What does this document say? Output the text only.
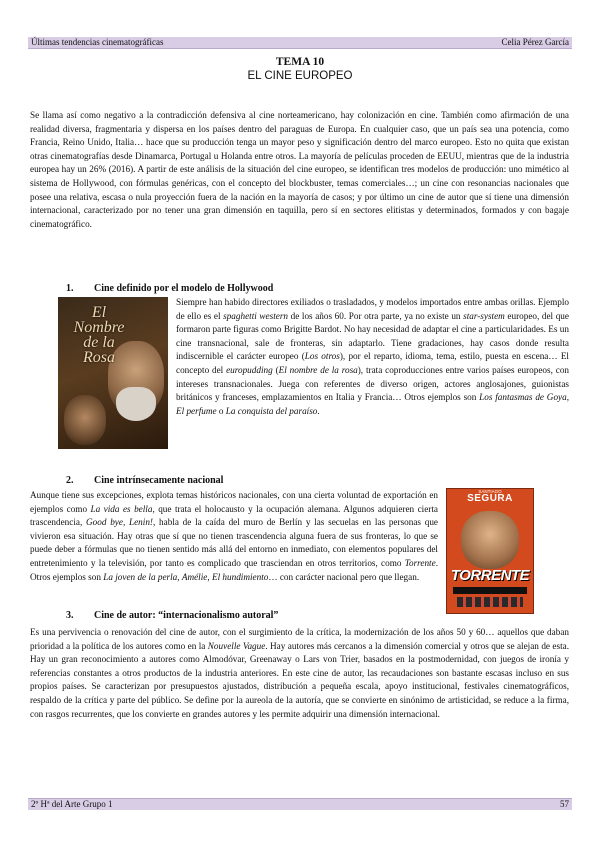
Últimas tendencias cinematográficas	Celia Pérez García
TEMA 10
EL CINE EUROPEO

Se llama así como negativo a la contradicción defensiva al cine norteamericano, hay colonización en cine. También como afirmación de una realidad diversa, fragmentaria y dispersa en los países dentro del paraguas de Europa. En cualquier caso, que un país sea una potencia, como Francia, Reino Unido, Italia… hace que su producción tenga un mayor peso y significación dentro del marco europeo. Esto no quita que existan otras cinematografías desde Dinamarca, Portugal u Holanda entre otros. La mayoría de películas proceden de EEUU, mientras que de la industria europea hay un 26% (2016). A partir de este análisis de la situación del cine europeo, se identifican tres modelos de producción: uno mimético al sistema de Hollywood, con fórmulas genéricas, con el concepto del blockbuster, temas comerciales…; un cine con resonancias nacionales que posee una relativa, escasa o nula proyección fuera de la nación en la mayoría de casos; y por último un cine de autor que sí tiene una dimensión internacional, caracterizado por no tener una gran dimensión en taquilla, pero sí en sectores elitistas y determinados, formados y con bagaje cinematográfico.

1. Cine definido por el modelo de Hollywood
El
Nombre
de la
Rosa

Siempre han habido directores exiliados o trasladados, y modelos importados entre ambas orillas. Ejemplo de ello es el spaghetti western de los años 60. Por otra parte, ya no existe un star-system europeo, del que formaron parte figuras como Brigitte Bardot. No hay necesidad de adaptar el cine a particularidades. Es un cine transnacional, sale de fronteras, sin adaptarlo. Tiene gradaciones, hay casos donde resulta indiscernible el carácter europeo (Los otros), por el reparto, idioma, tema, estilo, puesta en escena… El concepto del europudding (El nombre de la rosa), trata coproducciones entre varios países europeos, con intereses transnacionales. Juega con referentes de diverso origen, actores anglosajones, guionistas británicos y franceses, emplazamientos en Italia y Francia… Otros ejemplos son Los fantasmas de Goya, El perfume o La conquista del paraíso.

2. Cine intrínsecamente nacional

Aunque tiene sus excepciones, explota temas históricos nacionales, con una cierta voluntad de exportación en ejemplos como La vida es bella, que trata el holocausto y la ocupación alemana. Algunos adquieren cierta trascendencia, Good bye, Lenin!, habla de la caída del muro de Berlín y las secuelas en las personas que vivieron esa situación. Hay otras que sí que no tienen trascendencia alguna fuera de sus fronteras, lo que se puede deber a fórmulas que no tienen sentido más allá del entorno en inmediato, con elementos populares del entretenimiento y la televisión, por tanto es complicado que trasciendan en otros territorios, como Torrente. Otros ejemplos son La joven de la perla, Amélie, El hundimiento… con carácter nacional pero que llegan.

SANTIAGO
SEGURA
TORRENTE
3. Cine de autor: “internacionalismo autoral”

Es una pervivencia o renovación del cine de autor, con el surgimiento de la crítica, la modernización de los años 50 y 60… aquellos que daban prioridad a la política de los autores como en la Nouvelle Vague. Hay autores más cercanos a la dimensión comercial y otros que se alejan de esta. Hay un gran reconocimiento a autores como Almodóvar, Greenaway o Lars von Trier, basados en la postmodernidad, con juegos de ironía y referencias constantes a otros productos de la industria anteriores. En este cine de autor, las recaudaciones son bastante escasas incluso en sus propios países. Se caracterizan por presupuestos ajustados, distribución a pequeña escala, apoyo institucional, festivales cinematográficos, respaldo de la crítica y parte del público. Se define por la aureola de la autoría, que se convierte en sinónimo de artisticidad, se reduce a la firma, con rasgos recurrentes, que los convierte en grandes autores y les permite adquirir una dimensión internacional.

2º Hª del Arte Grupo 1	57
